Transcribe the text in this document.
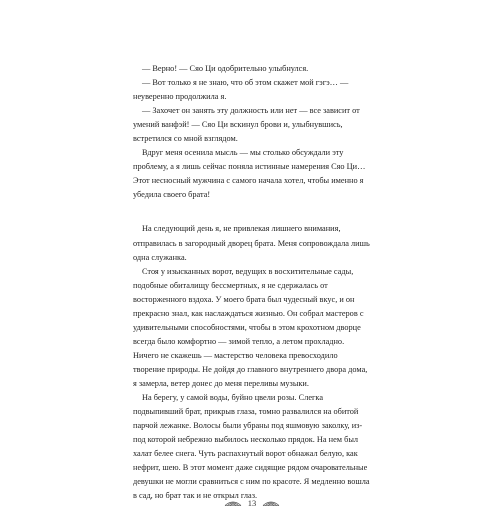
— Верно! — Сяо Ци одобрительно улыбнулся.

— Вот только я не знаю, что об этом скажет мой гэгэ… — неуверенно продолжила я.

— Захочет он занять эту должность или нет — все зависит от умений ванфэй! — Сяо Ци вскинул брови и, улыбнувшись, встретился со мной взглядом.

Вдруг меня осенила мысль — мы столько обсуждали эту проблему, а я лишь сейчас поняла истинные намерения Сяо Ци… Этот несносный мужчина с самого начала хотел, чтобы именно я убедила своего брата!

На следующий день я, не привлекая лишнего внимания, отправилась в загородный дворец брата. Меня сопровождала лишь одна служанка.

Стоя у изысканных ворот, ведущих в восхитительные сады, подобные обиталищу бессмертных, я не сдержалась от восторженного вздоха. У моего брата был чудесный вкус, и он прекрасно знал, как наслаждаться жизнью. Он собрал мастеров с удивительными способностями, чтобы в этом крохотном дворце всегда было комфортно — зимой тепло, а летом прохладно. Ничего не скажешь — мастерство человека превосходило творение природы. Не дойдя до главного внутреннего двора дома, я замерла, ветер донес до меня переливы музыки.

На берегу, у самой воды, буйно цвели розы. Слегка подвыпивший брат, прикрыв глаза, томно развалился на обитой парчой лежанке. Волосы были убраны под яшмовую заколку, из-под которой небрежно выбилось несколько прядок. На нем был халат белее снега. Чуть распахнутый ворот обнажал белую, как нефрит, шею. В этот момент даже сидящие рядом очаровательные девушки не могли сравниться с ним по красоте. Я медленно вошла в сад, но брат так и не открыл глаз.

13
